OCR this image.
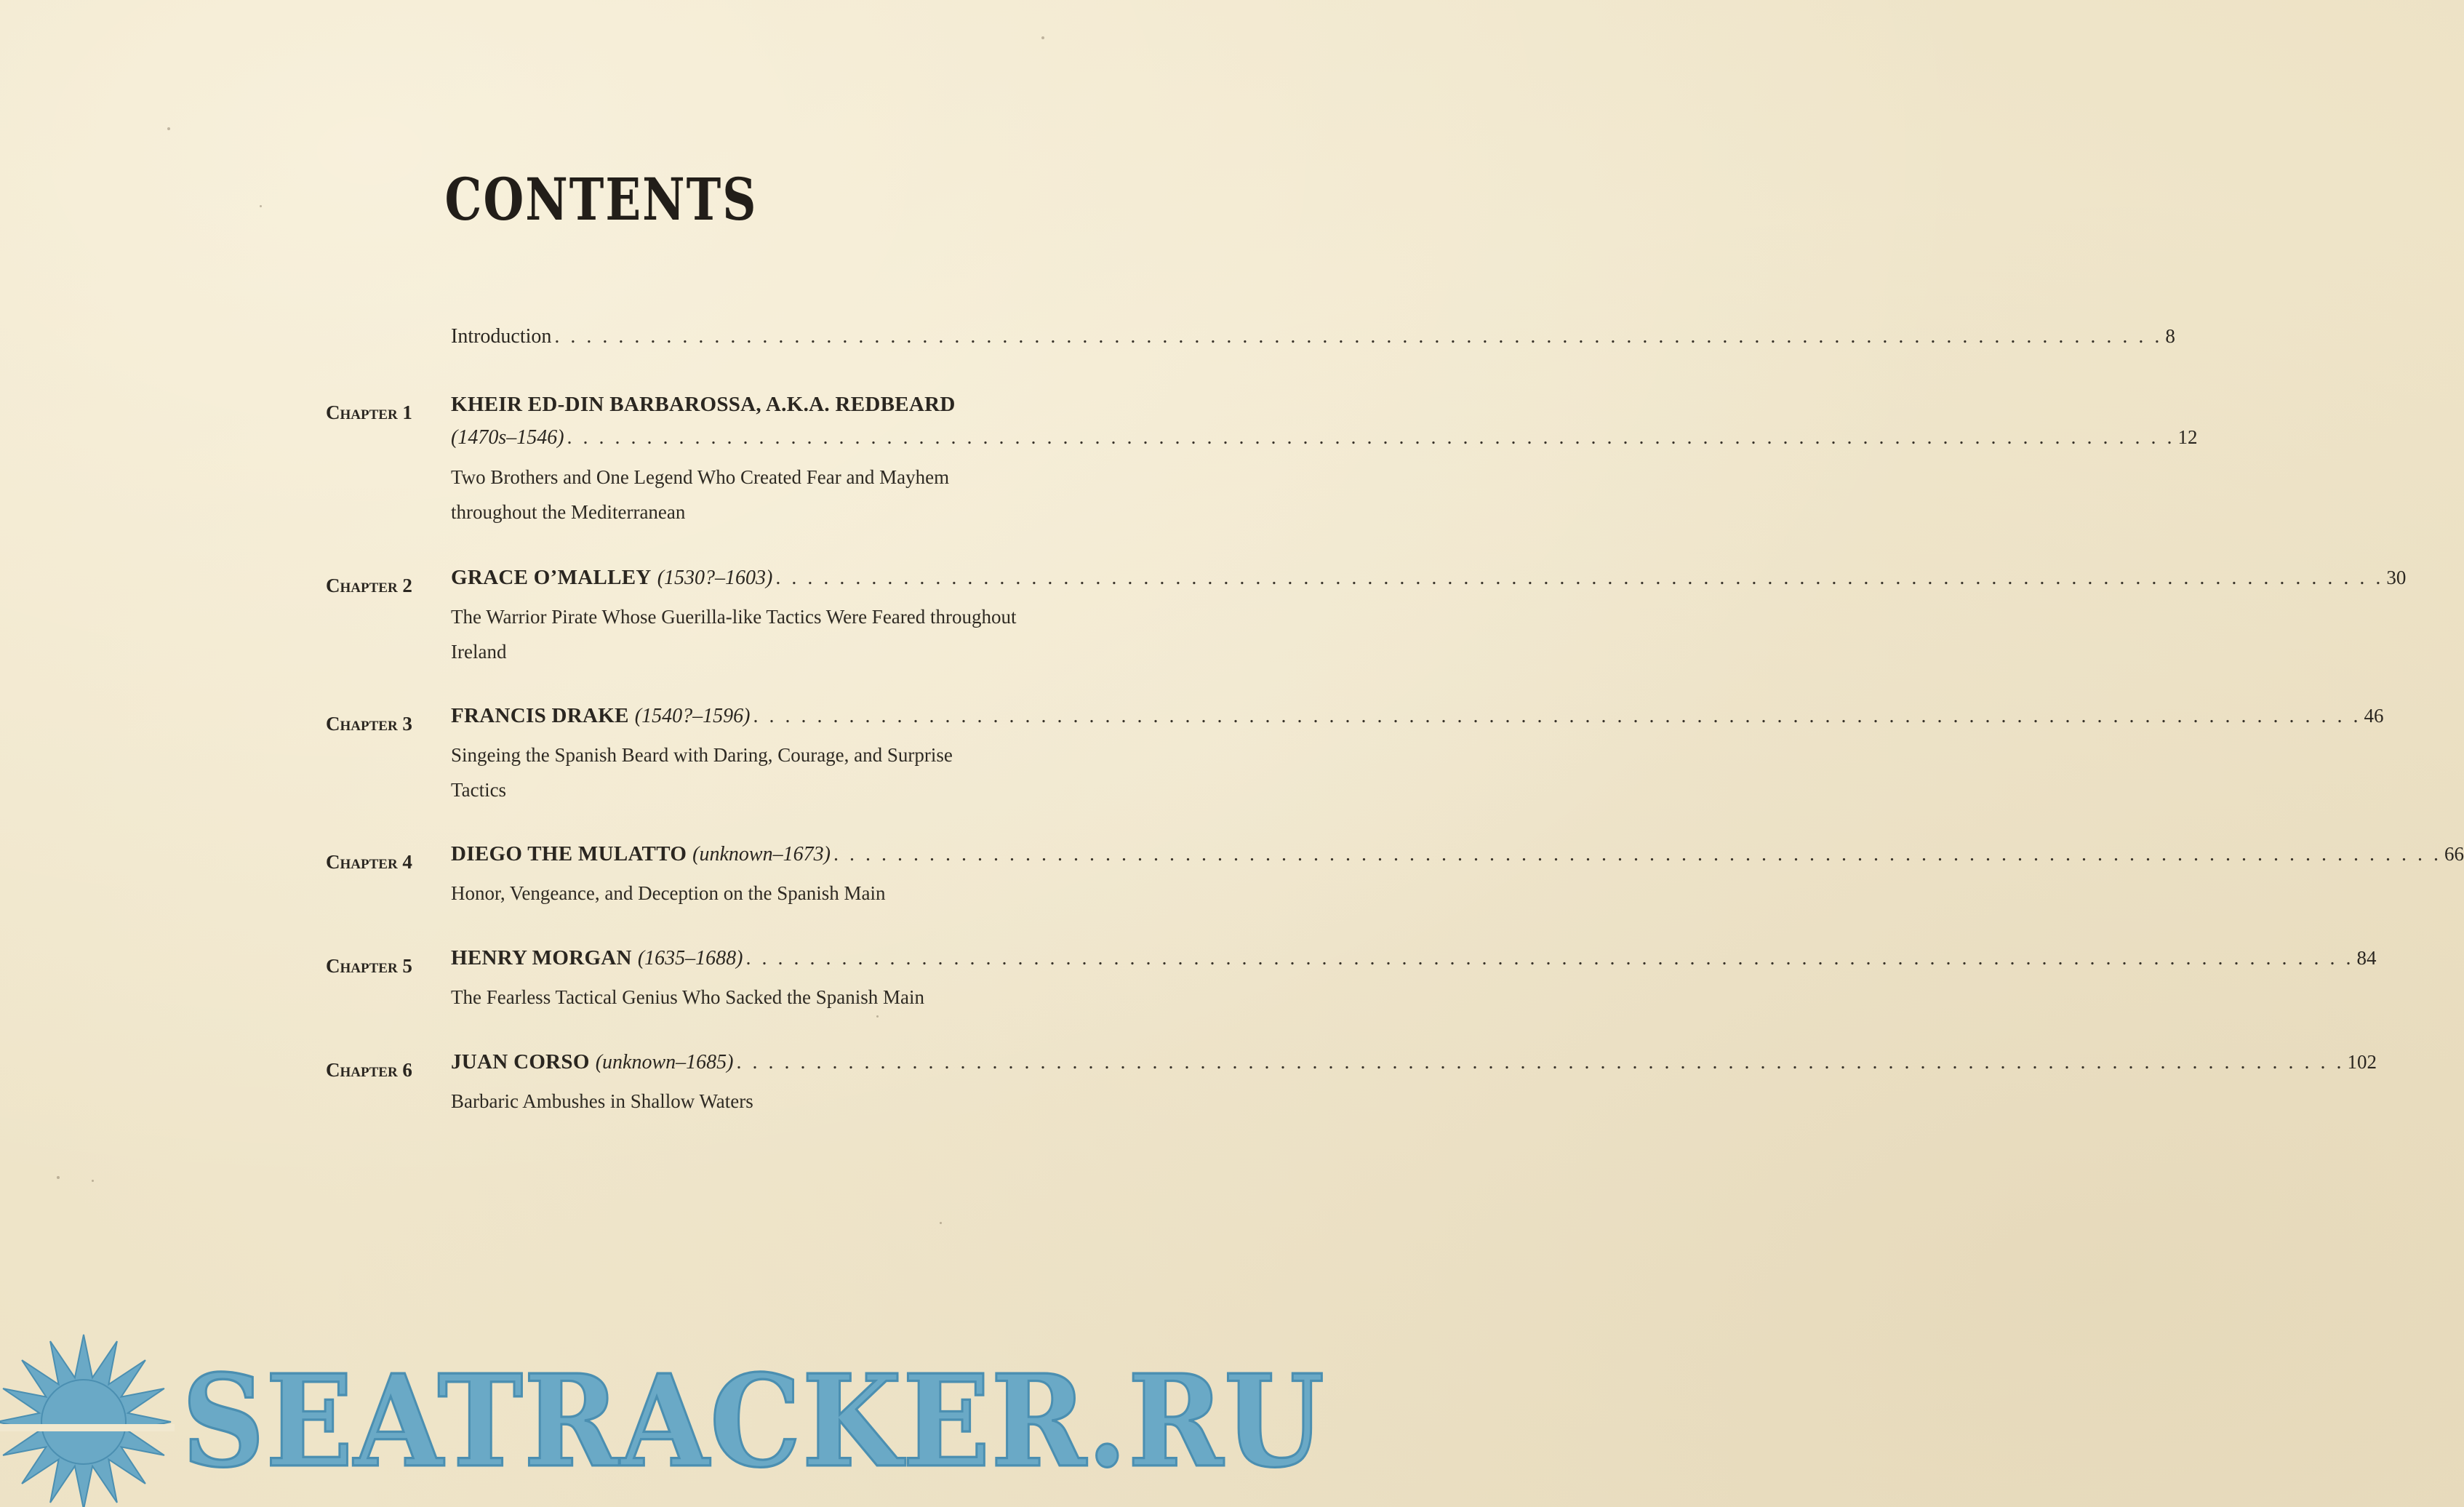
CONTENTS
Introduction . . .	8
Chapter 1	KHEIR ED-DIN BARBAROSSA, A.K.A. REDBEARD
(1470s–1546) . . .	12
Two Brothers and One Legend Who Created Fear and Mayhem throughout the Mediterranean
Chapter 2	GRACE O’MALLEY (1530?–1603) . . .	30
The Warrior Pirate Whose Guerilla-like Tactics Were Feared throughout Ireland
Chapter 3	FRANCIS DRAKE (1540?–1596) . . .	46
Singeing the Spanish Beard with Daring, Courage, and Surprise Tactics
Chapter 4	DIEGO THE MULATTO (unknown–1673) . . .	66
Honor, Vengeance, and Deception on the Spanish Main
Chapter 5	HENRY MORGAN (1635–1688) . . .	84
The Fearless Tactical Genius Who Sacked the Spanish Main
Chapter 6	JUAN CORSO (unknown–1685) . . .	102
Barbaric Ambushes in Shallow Waters
SEATRACKER.RU
